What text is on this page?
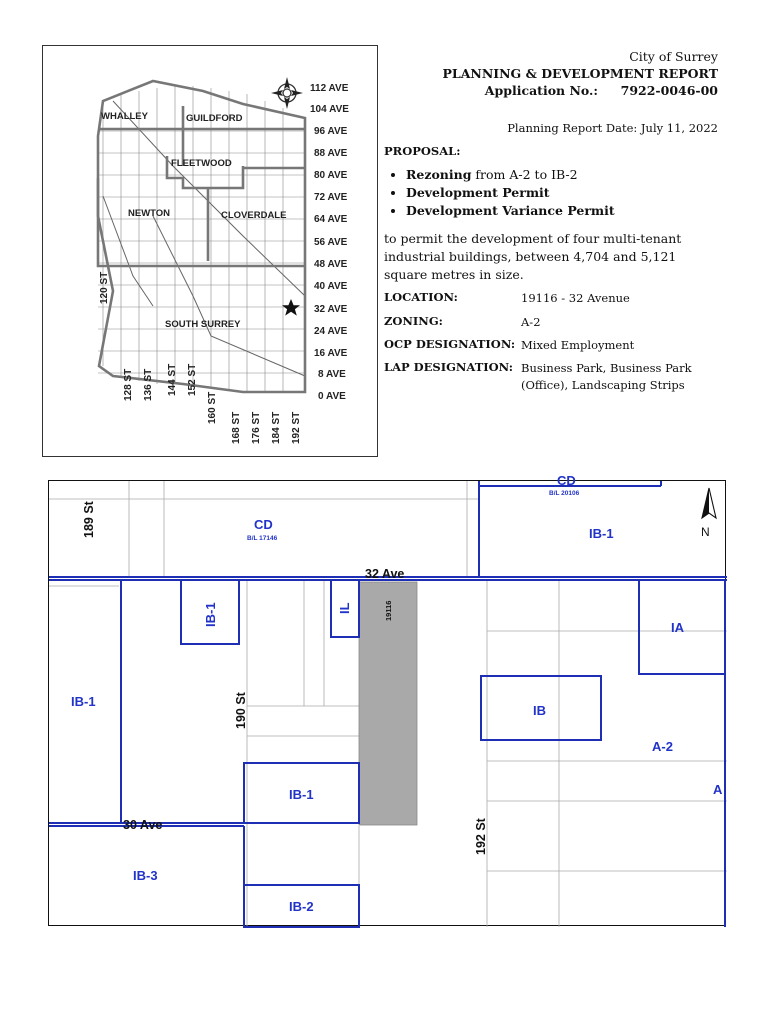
WHALLEY	GUILDFORD
FLEETWOOD
NEWTON	CLOVERDALE
SOUTH SURREY
112 AVE
104 AVE
96 AVE
88 AVE
80 AVE
72 AVE
64 AVE
56 AVE
48 AVE
40 AVE
32 AVE
24 AVE
16 AVE
8 AVE
0 AVE
120 ST
128 ST 136 ST 144 ST 152 ST
160 ST
168 ST 176 ST 184 ST 192 ST
City of Surrey
PLANNING & DEVELOPMENT REPORT
Application No.: 7922-0046-00
Planning Report Date: July 11, 2022
PROPOSAL:
• Rezoning from A-2 to IB-2
• Development Permit
• Development Variance Permit
to permit the development of four multi-tenant industrial buildings, between 4,704 and 5,121 square metres in size.
LOCATION:	19116 - 32 Avenue
ZONING:	A-2
OCP DESIGNATION: Mixed Employment
LAP DESIGNATION: Business Park, Business Park (Office), Landscaping Strips
189 St
32 Ave
190 St
30 Ave	192 St
19116
CD
B/L 17146
CD
B/L 20106
IB-1
IB-1	IL
IA
IB-1
IB
A-2
IB-1
IB-3
IB-2
A
N
